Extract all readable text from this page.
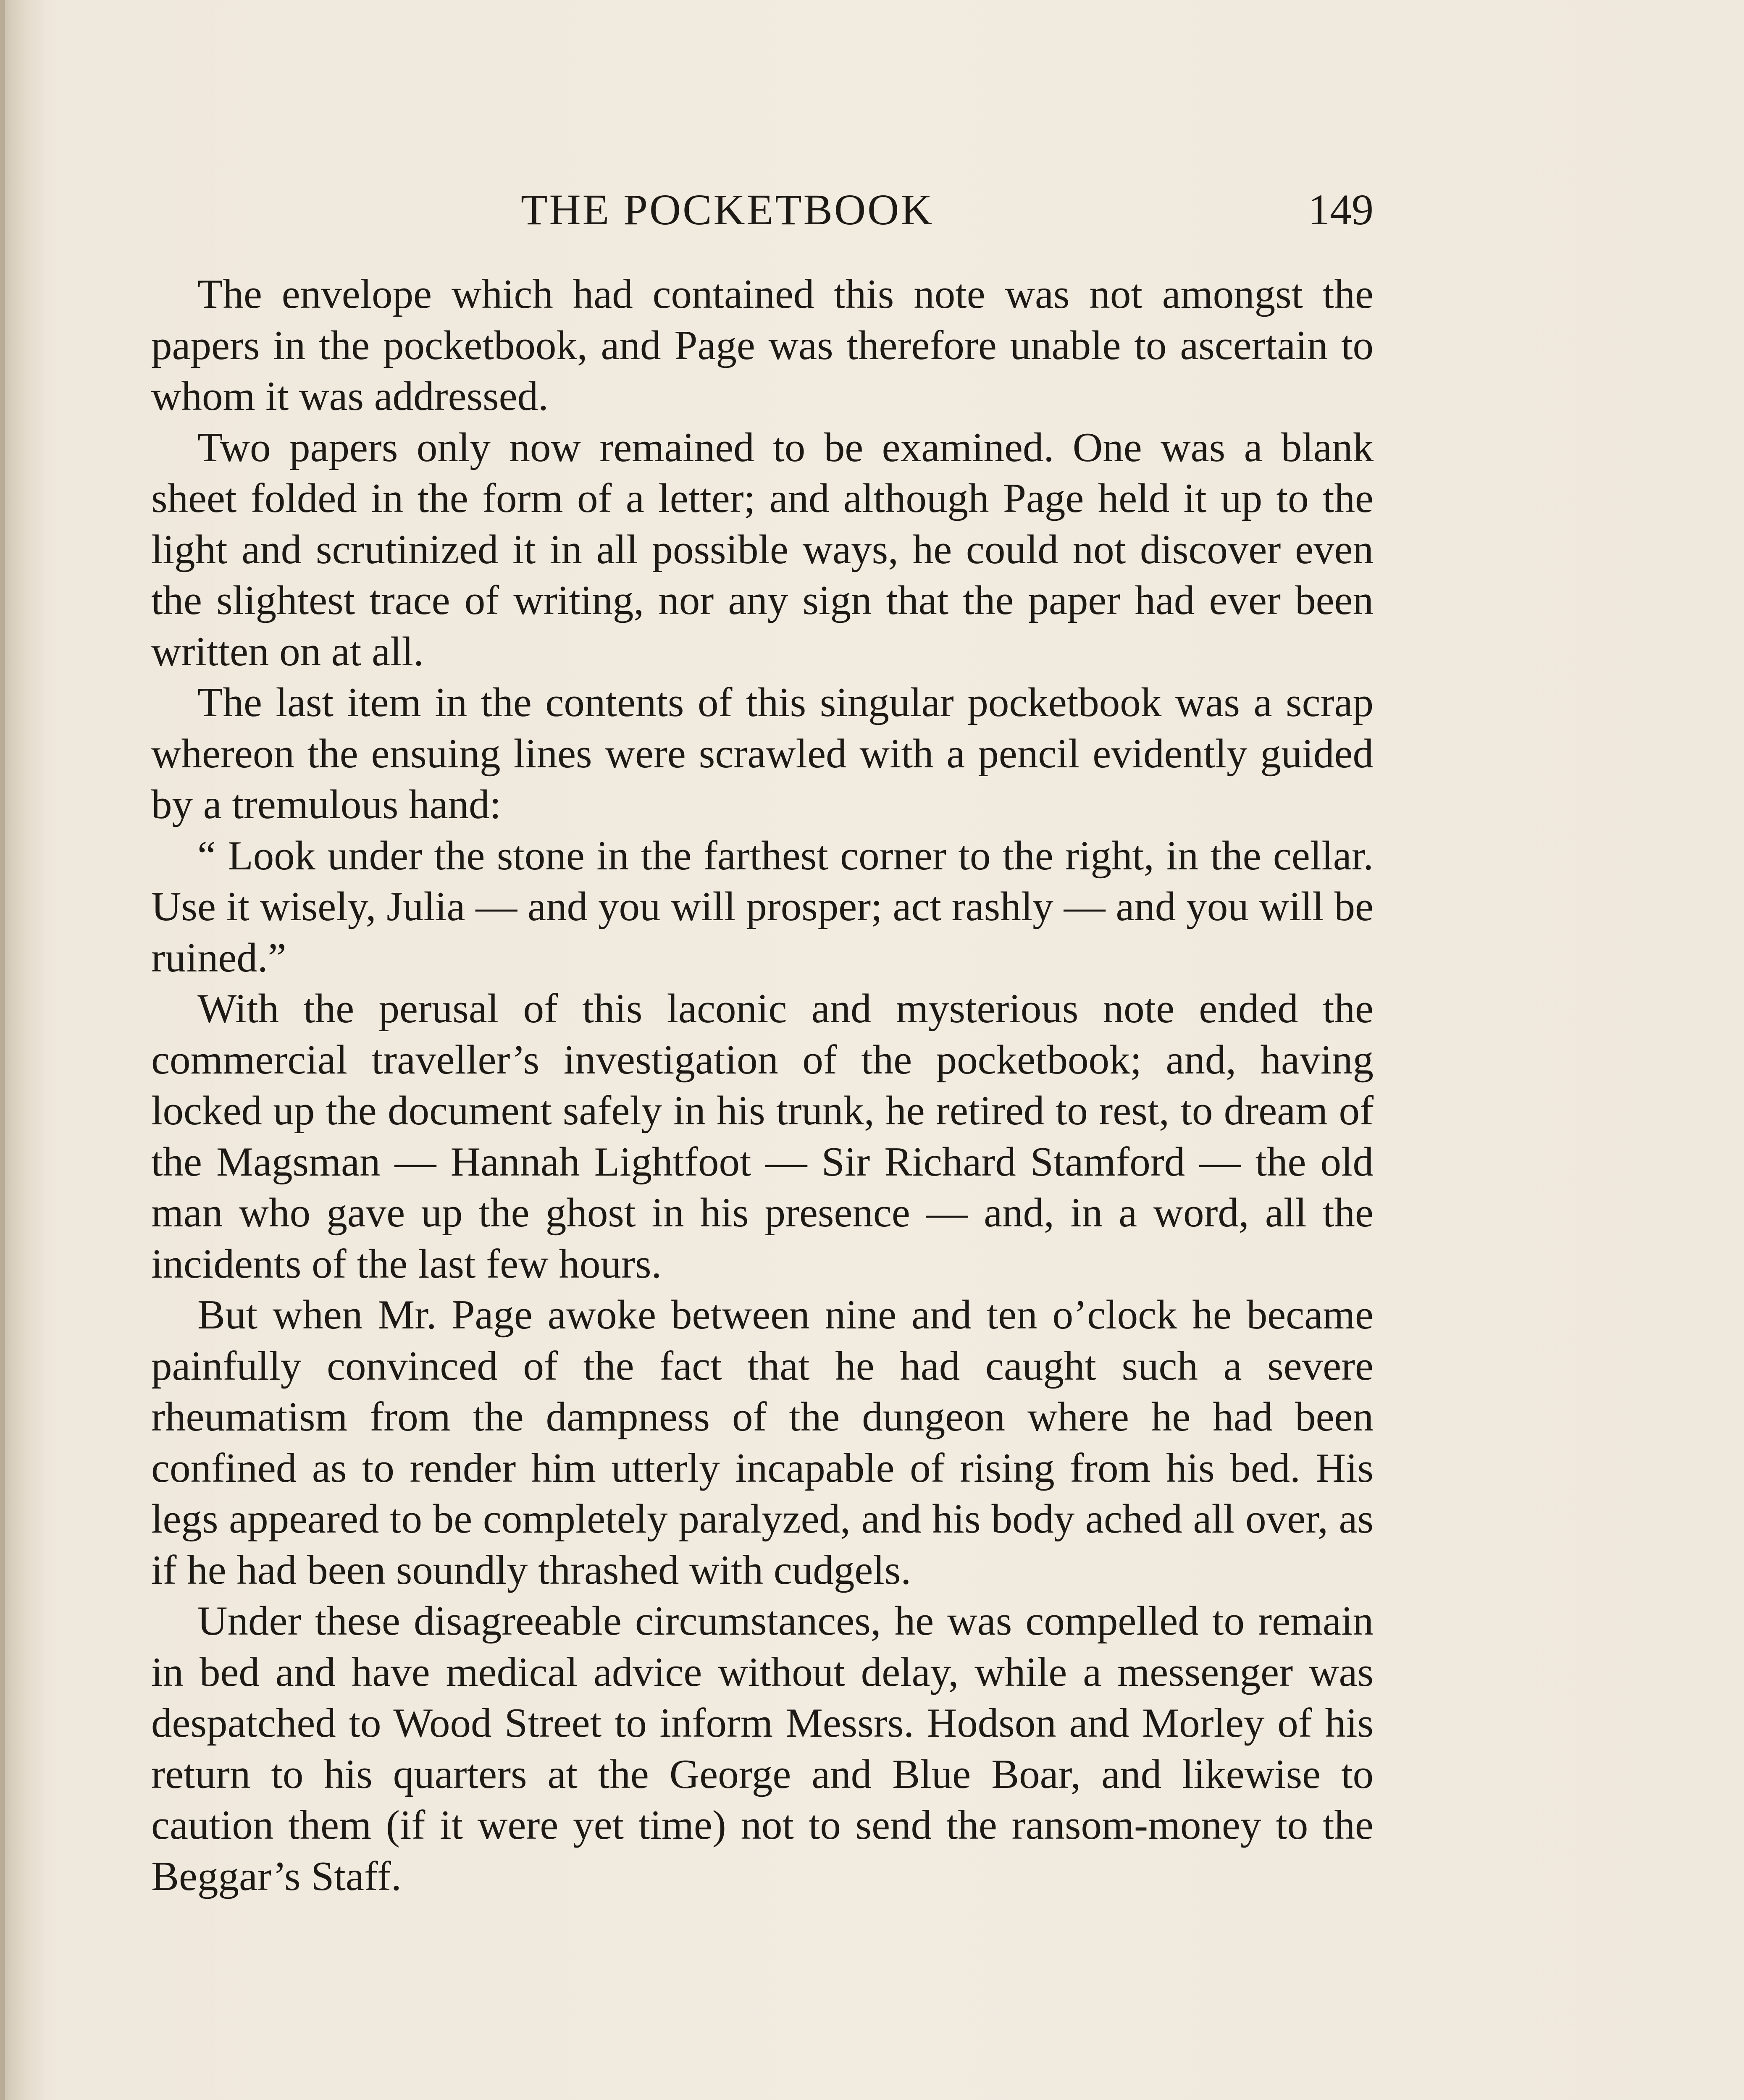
THE POCKETBOOK	149

The envelope which had contained this note was not amongst the papers in the pocketbook, and Page was therefore unable to ascertain to whom it was addressed.

Two papers only now remained to be examined. One was a blank sheet folded in the form of a letter; and although Page held it up to the light and scrutinized it in all possible ways, he could not discover even the slightest trace of writing, nor any sign that the paper had ever been written on at all.

The last item in the contents of this singular pocketbook was a scrap whereon the ensuing lines were scrawled with a pencil evidently guided by a tremulous hand:

“ Look under the stone in the farthest corner to the right, in the cellar. Use it wisely, Julia — and you will prosper; act rashly — and you will be ruined.”

With the perusal of this laconic and mysterious note ended the commercial traveller’s investigation of the pocketbook; and, having locked up the document safely in his trunk, he retired to rest, to dream of the Magsman — Hannah Lightfoot — Sir Richard Stamford — the old man who gave up the ghost in his presence — and, in a word, all the incidents of the last few hours.

But when Mr. Page awoke between nine and ten o’clock he became painfully convinced of the fact that he had caught such a severe rheumatism from the dampness of the dungeon where he had been confined as to render him utterly incapable of rising from his bed. His legs appeared to be completely paralyzed, and his body ached all over, as if he had been soundly thrashed with cudgels.

Under these disagreeable circumstances, he was compelled to remain in bed and have medical advice without delay, while a messenger was despatched to Wood Street to inform Messrs. Hodson and Morley of his return to his quarters at the George and Blue Boar, and likewise to caution them (if it were yet time) not to send the ransom-money to the Beggar’s Staff.
